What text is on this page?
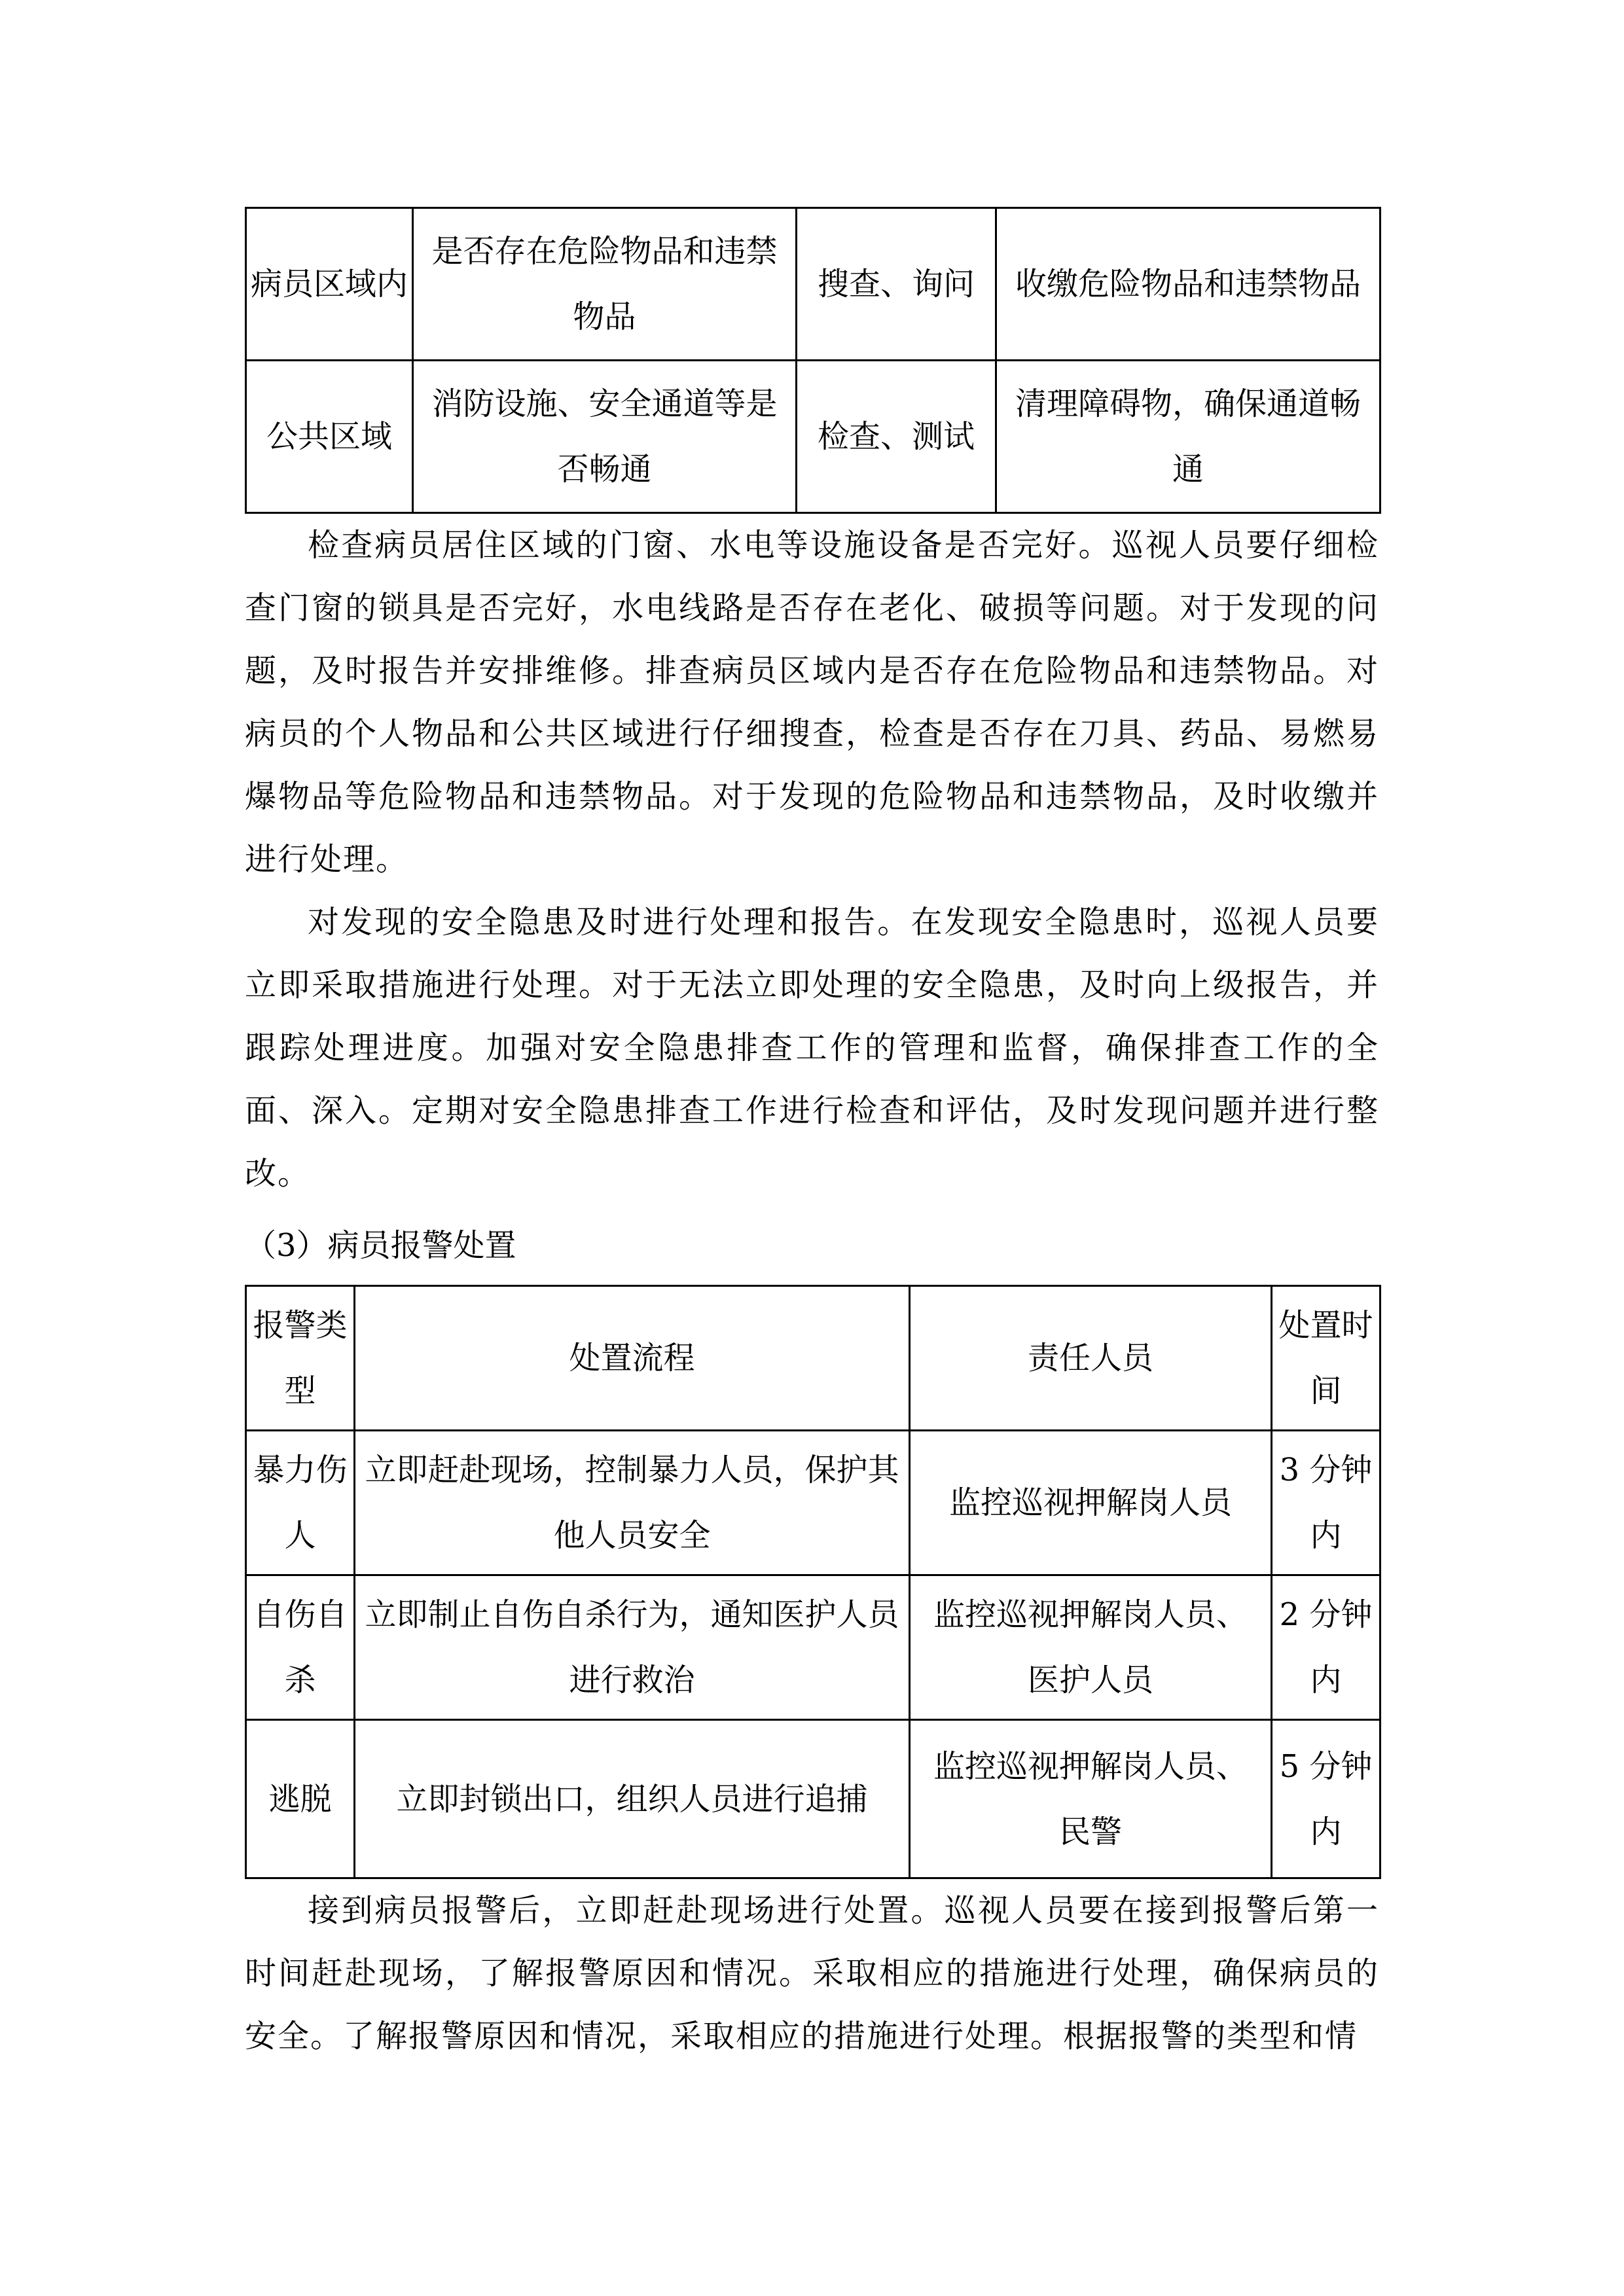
病员区域内	是否存在危险物品和违禁物品	搜查、询问	收缴危险物品和违禁物品
公共区域	消防设施、安全通道等是否畅通	检查、测试	清理障碍物，确保通道畅通

检查病员居住区域的门窗、水电等设施设备是否完好。巡视人员要仔细检查门窗的锁具是否完好，水电线路是否存在老化、破损等问题。对于发现的问题，及时报告并安排维修。排查病员区域内是否存在危险物品和违禁物品。对病员的个人物品和公共区域进行仔细搜查，检查是否存在刀具、药品、易燃易爆物品等危险物品和违禁物品。对于发现的危险物品和违禁物品，及时收缴并进行处理。

对发现的安全隐患及时进行处理和报告。在发现安全隐患时，巡视人员要立即采取措施进行处理。对于无法立即处理的安全隐患，及时向上级报告，并跟踪处理进度。加强对安全隐患排查工作的管理和监督，确保排查工作的全面、深入。定期对安全隐患排查工作进行检查和评估，及时发现问题并进行整改。

（3）病员报警处置
报警类型	处置流程	责任人员	处置时间
暴力伤人	立即赶赴现场，控制暴力人员，保护其他人员安全	监控巡视押解岗人员	3 分钟内
自伤自杀	立即制止自伤自杀行为，通知医护人员进行救治	监控巡视押解岗人员、医护人员	2 分钟内
逃脱	立即封锁出口，组织人员进行追捕	监控巡视押解岗人员、民警	5 分钟内

接到病员报警后，立即赶赴现场进行处置。巡视人员要在接到报警后第一时间赶赴现场，了解报警原因和情况。采取相应的措施进行处理，确保病员的安全。了解报警原因和情况，采取相应的措施进行处理。根据报警的类型和情
